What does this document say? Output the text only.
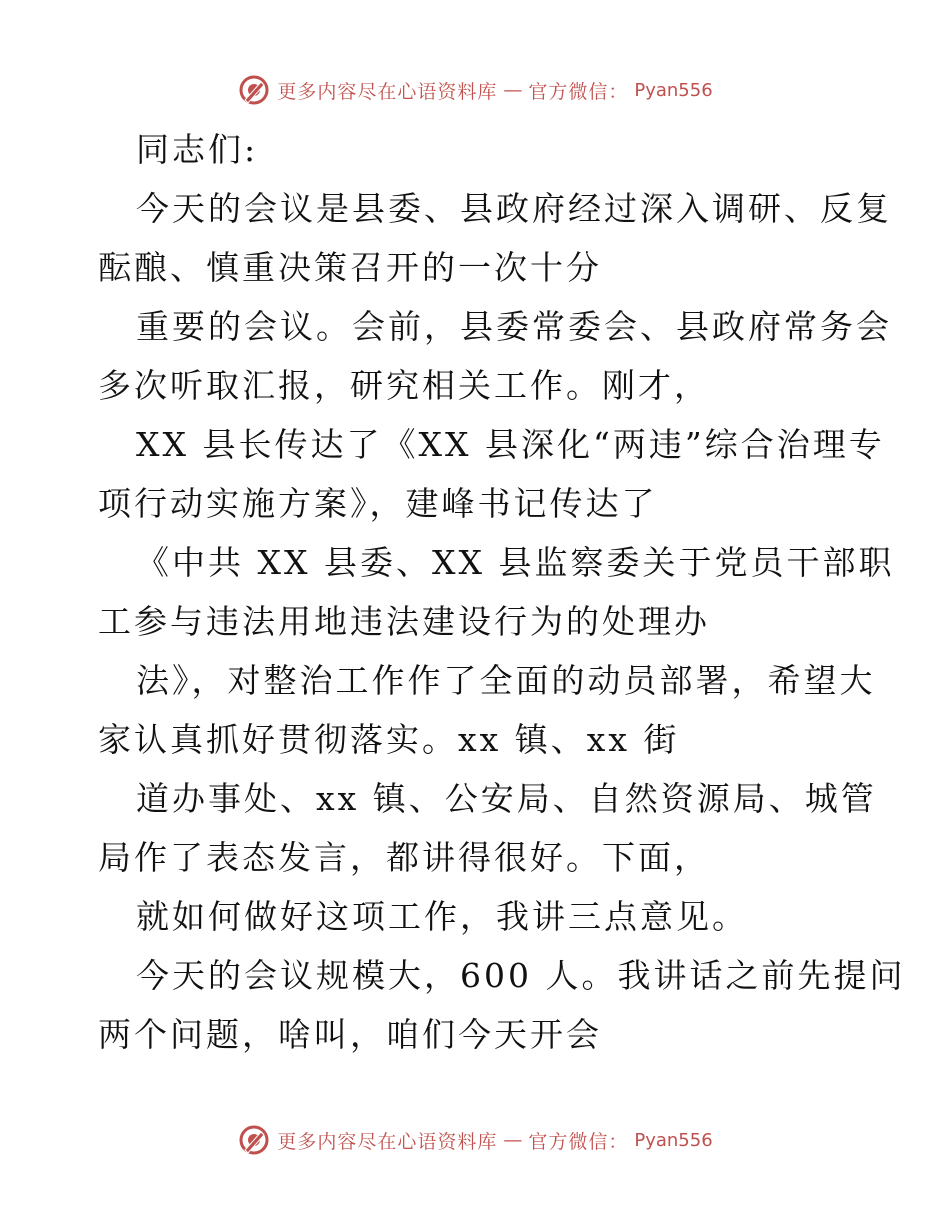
更多内容尽在心语资料库 — 官方微信： Pyan556
同志们:
今天的会议是县委、县政府经过深入调研、反复
酝酿、慎重决策召开的一次十分
重要的会议。会前，县委常委会、县政府常务会
多次听取汇报，研究相关工作。刚才，
XX 县长传达了《XX 县深化“两违”综合治理专
项行动实施方案》，建峰书记传达了
《中共 XX 县委、XX 县监察委关于党员干部职
工参与违法用地违法建设行为的处理办
法》，对整治工作作了全面的动员部署，希望大
家认真抓好贯彻落实。xx 镇、xx 街
道办事处、xx 镇、公安局、自然资源局、城管
局作了表态发言，都讲得很好。下面，
就如何做好这项工作，我讲三点意见。
今天的会议规模大，600 人。我讲话之前先提问
两个问题，啥叫，咱们今天开会
更多内容尽在心语资料库 — 官方微信： Pyan556
